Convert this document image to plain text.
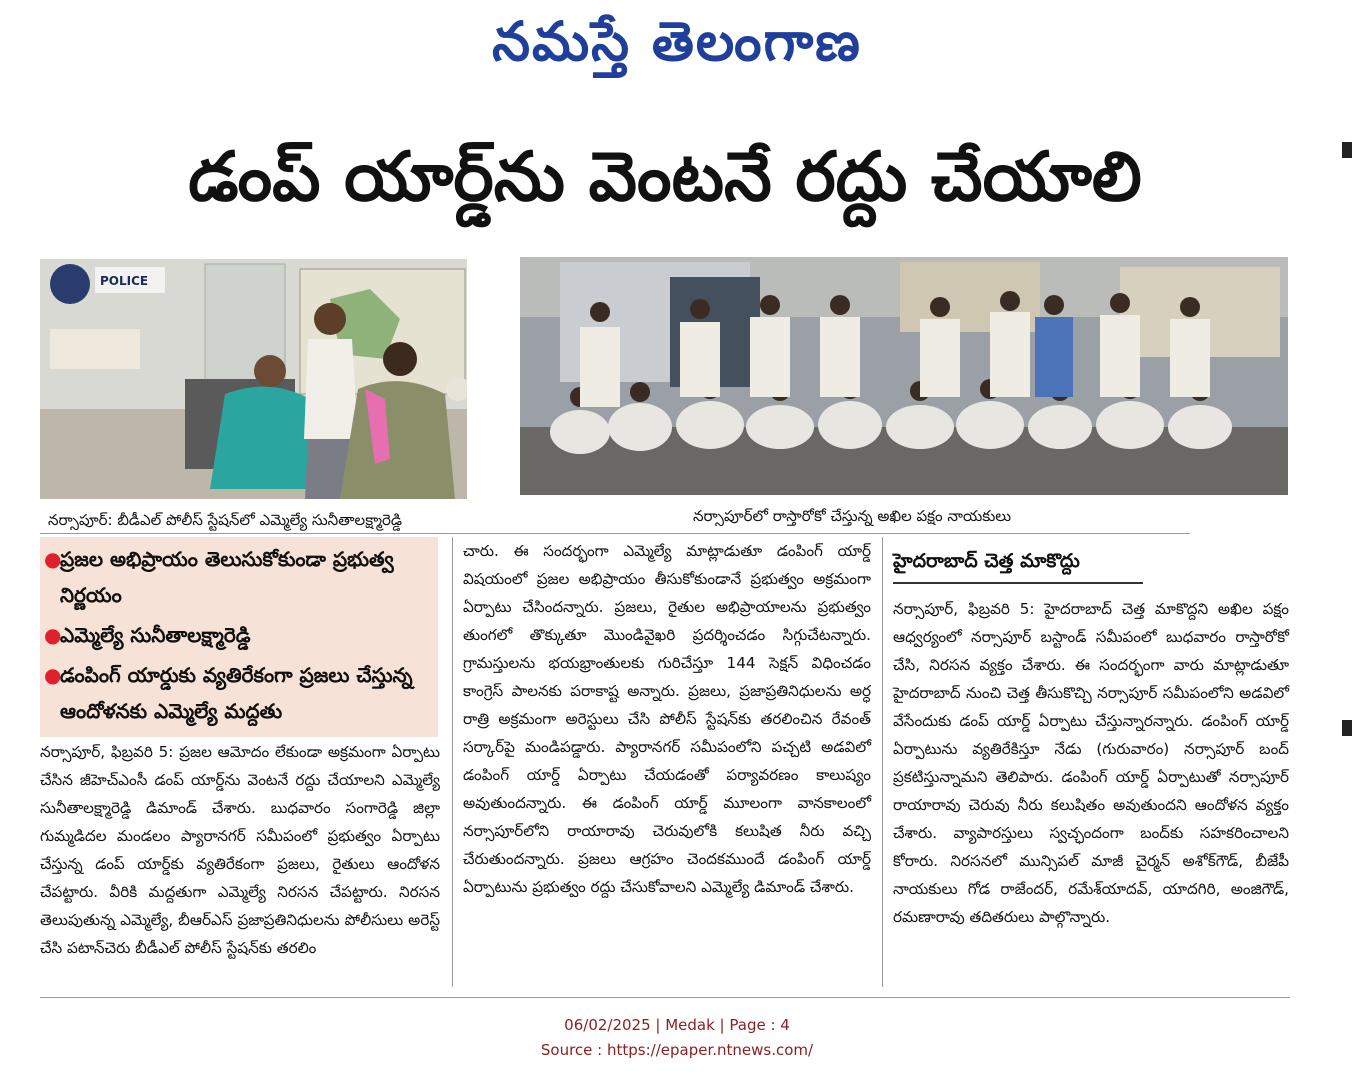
నమస్తే తెలంగాణ
డంప్ యార్డ్‌ను వెంటనే రద్దు చేయాలి
POLICE
నర్సాపూర్: బీడీఎల్ పోలీస్ స్టేషన్‌లో ఎమ్మెల్యే సునీతాలక్ష్మారెడ్డి	నర్సాపూర్‌లో రాస్తారోకో చేస్తున్న అఖిల పక్షం నాయకులు
●
ప్రజల అభిప్రాయం తెలుసుకోకుండా ప్రభుత్వ నిర్ణయం
●
ఎమ్మెల్యే సునీతాలక్ష్మారెడ్డి
●
డంపింగ్ యార్డుకు వ్యతిరేకంగా ప్రజలు చేస్తున్న ఆందోళనకు ఎమ్మెల్యే మద్దతు
నర్సాపూర్, ఫిబ్రవరి 5: ప్రజల ఆమోదం లేకుండా అక్రమంగా ఏర్పాటు చేసిన జీహెచ్‌ఎంసీ డంప్ యార్డ్‌ను వెంటనే రద్దు చేయాలని ఎమ్మెల్యే సునీతాలక్ష్మారెడ్డి డిమాండ్ చేశారు. బుధవారం సంగారెడ్డి జిల్లా గుమ్మడిదల మండలం ప్యారానగర్ సమీపంలో ప్రభుత్వం ఏర్పాటు చేస్తున్న డంప్ యార్డ్‌కు వ్యతిరేకంగా ప్రజలు, రైతులు ఆందోళన చేపట్టారు. వీరికి మద్దతుగా ఎమ్మెల్యే నిరసన చేపట్టారు. నిరసన తెలుపుతున్న ఎమ్మెల్యే, బీఆర్‌ఎస్ ప్రజాప్రతినిధులను పోలీసులు అరెస్ట్ చేసి పటాన్‌చెరు బీడీఎల్ పోలీస్ స్టేషన్‌కు తరలిం
చారు. ఈ సందర్భంగా ఎమ్మెల్యే మాట్లాడుతూ డంపింగ్ యార్డ్ విషయంలో ప్రజల అభిప్రాయం తీసుకోకుండానే ప్రభుత్వం అక్రమంగా ఏర్పాటు చేసిందన్నారు. ప్రజలు, రైతుల అభిప్రాయాలను ప్రభుత్వం తుంగలో తొక్కుతూ మొండివైఖరి ప్రదర్శించడం సిగ్గుచేటన్నారు. గ్రామస్తులను భయభ్రాంతులకు గురిచేస్తూ 144 సెక్షన్ విధించడం కాంగ్రెస్ పాలనకు పరాకాష్ట అన్నారు. ప్రజలు, ప్రజాప్రతినిధులను అర్ధ రాత్రి అక్రమంగా అరెస్టులు చేసి పోలీస్ స్టేషన్‌కు తరలించిన రేవంత్ సర్కార్‌పై మండిపడ్డారు. ప్యారానగర్ సమీపంలోని పచ్చటి అడవిలో డంపింగ్ యార్డ్ ఏర్పాటు చేయడంతో పర్యావరణం కాలుష్యం అవుతుందన్నారు. ఈ డంపింగ్ యార్డ్ మూలంగా వానకాలంలో నర్సాపూర్‌లోని రాయారావు చెరువులోకి కలుషిత నీరు వచ్చి చేరుతుందన్నారు. ప్రజలు ఆగ్రహం చెందకముందే డంపింగ్ యార్డ్ ఏర్పాటును ప్రభుత్వం రద్దు చేసుకోవాలని ఎమ్మెల్యే డిమాండ్ చేశారు.
హైదరాబాద్ చెత్త మాకొద్దు
నర్సాపూర్, ఫిబ్రవరి 5: హైదరాబాద్ చెత్త మాకొద్దని అఖిల పక్షం ఆధ్వర్యంలో నర్సాపూర్ బస్టాండ్ సమీపంలో బుధవారం రాస్తారోకో చేసి, నిరసన వ్యక్తం చేశారు. ఈ సందర్భంగా వారు మాట్లాడుతూ హైదరాబాద్ నుంచి చెత్త తీసుకొచ్చి నర్సాపూర్ సమీపంలోని అడవిలో వేసేందుకు డంప్ యార్డ్ ఏర్పాటు చేస్తున్నారన్నారు. డంపింగ్ యార్డ్ ఏర్పాటును వ్యతిరేకిస్తూ నేడు (గురువారం) నర్సాపూర్ బంద్ ప్రకటిస్తున్నామని తెలిపారు. డంపింగ్ యార్డ్ ఏర్పాటుతో నర్సాపూర్ రాయారావు చెరువు నీరు కలుషితం అవుతుందని ఆందోళన వ్యక్తం చేశారు. వ్యాపారస్తులు స్వచ్ఛందంగా బంద్‌కు సహకరించాలని కోరారు. నిరసనలో మున్సిపల్ మాజీ చైర్మన్ అశోక్‌గౌడ్, బీజేపీ నాయకులు గోడ రాజేందర్, రమేశ్‌యాదవ్, యాదగిరి, అంజిగౌడ్, రమణారావు తదితరులు పాల్గొన్నారు.
06/02/2025 | Medak | Page : 4
Source : https://epaper.ntnews.com/
